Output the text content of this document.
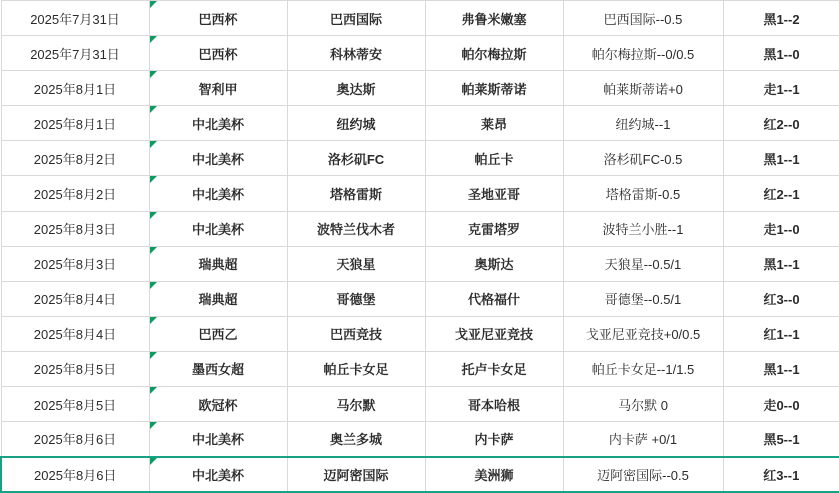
2025年7月31日	巴西杯	巴西国际	弗鲁米嫩塞	巴西国际--0.5	黑1--2
2025年7月31日	巴西杯	科林蒂安	帕尔梅拉斯	帕尔梅拉斯--0/0.5	黑1--0
2025年8月1日	智利甲	奥达斯	帕莱斯蒂诺	帕莱斯蒂诺+0	走1--1
2025年8月1日	中北美杯	纽约城	莱昂	纽约城--1	红2--0
2025年8月2日	中北美杯	洛杉矶FC	帕丘卡	洛杉矶FC-0.5	黑1--1
2025年8月2日	中北美杯	塔格雷斯	圣地亚哥	塔格雷斯-0.5	红2--1
2025年8月3日	中北美杯	波特兰伐木者	克雷塔罗	波特兰小胜--1	走1--0
2025年8月3日	瑞典超	天狼星	奥斯达	天狼星--0.5/1	黑1--1
2025年8月4日	瑞典超	哥德堡	代格福什	哥德堡--0.5/1	红3--0
2025年8月4日	巴西乙	巴西竞技	戈亚尼亚竞技	戈亚尼亚竞技+0/0.5	红1--1
2025年8月5日	墨西女超	帕丘卡女足	托卢卡女足	帕丘卡女足--1/1.5	黑1--1
2025年8月5日	欧冠杯	马尔默	哥本哈根	马尔默 0	走0--0
2025年8月6日	中北美杯	奥兰多城	内卡萨	内卡萨 +0/1	黑5--1
2025年8月6日	中北美杯	迈阿密国际	美洲狮	迈阿密国际--0.5	红3--1
